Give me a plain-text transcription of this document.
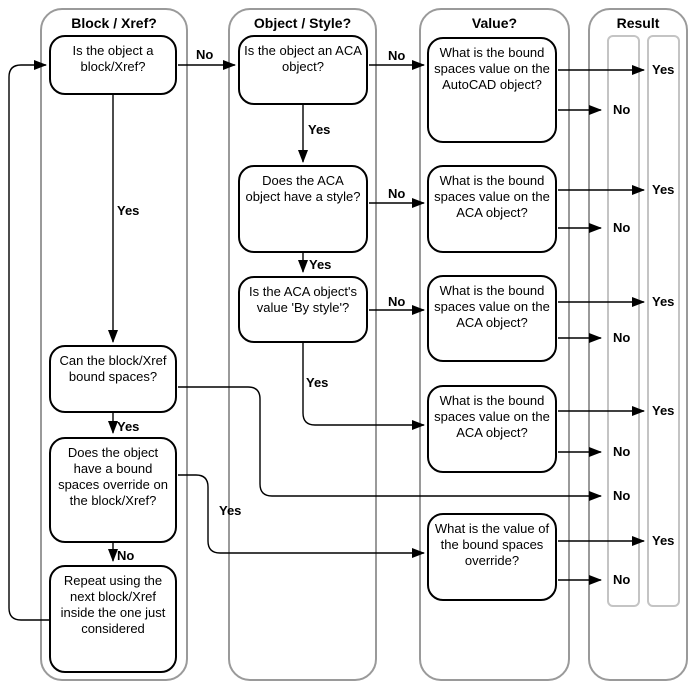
Block / Xref?	Object / Style?	Value?	Result
Is the object a block/Xref?
Can the block/Xref bound spaces?
Does the object have a bound spaces override on the block/Xref?
Repeat using the next block/Xref inside the one just considered
Is the object an ACA object?
Does the ACA object have a style?
Is the ACA object's value 'By style'?
What is the bound spaces value on the AutoCAD object?
What is the bound spaces value on the ACA object?
What is the bound spaces value on the ACA object?
What is the bound spaces value on the ACA object?
What is the value of the bound spaces override?
No
Yes
No
Yes
No
Yes
No
Yes
Yes
Yes
No
Yes
No
Yes
No
Yes
No
Yes
No
No
Yes
No
